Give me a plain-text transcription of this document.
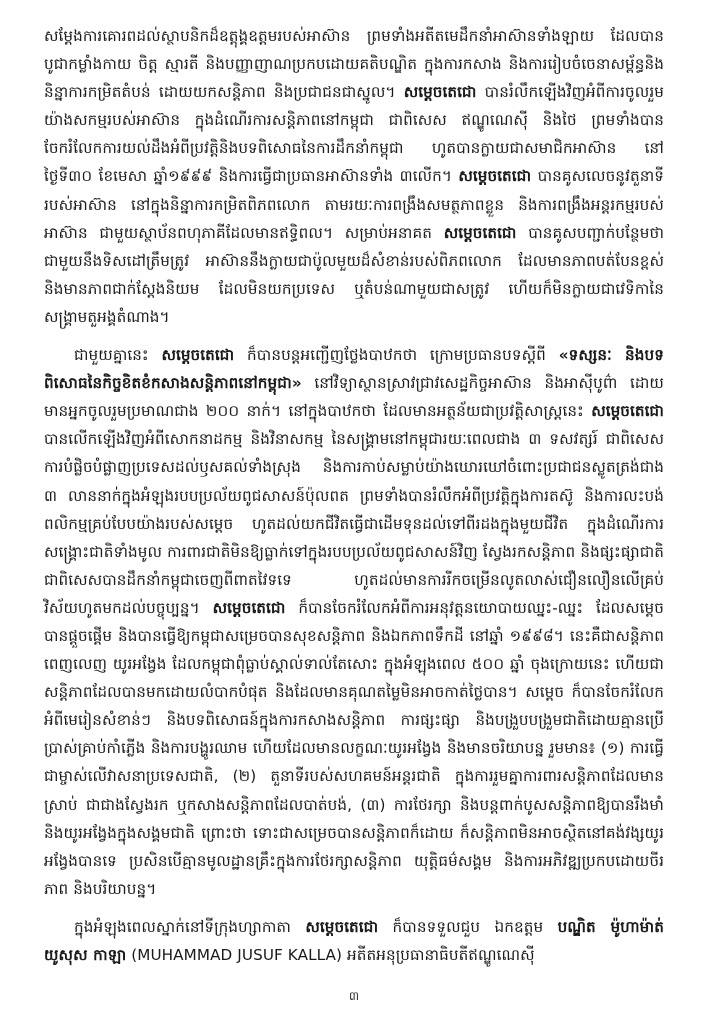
សម្ដែងការគោរពដល់ស្ថាបនិកដ៏ឧត្ដុង្គឧត្ដមរបស់អាស៊ាន ព្រមទាំងអតីតមេដឹកនាំអាស៊ានទាំងឡាយ ដែលបានបូជាកម្លាំងកាយ ចិត្ត ស្មារតី និងបញ្ញាញាណប្រកបដោយគតិបណ្ឌិត ក្នុងការកសាង និងការរៀបចំចេនាសម្ព័ន្ធនិងនិន្នាការកម្រិតតំបន់ ដោយយកសន្តិភាព និងប្រជាជនជាស្នូល។ សម្ដេចតេជោ បានរំលឹកឡើងវិញអំពីការចូលរួមយ៉ាងសកម្មរបស់អាស៊ាន ក្នុងដំណើរការសន្តិភាពនៅកម្ពុជា ជាពិសេស ឥណ្ឌូណេស៊ី និងថៃ ព្រមទាំងបានចែករំលែកការយល់ដឹងអំពីប្រវត្តិនិងបទពិសោធនៃការដឹកនាំកម្ពុជា ហូតបានក្លាយជាសមាជិកអាស៊ាន នៅថ្ងៃទី៣០ ខែមេសា ឆ្នាំ១៩៩៩ និងការធ្វើជាប្រធានអាស៊ានទាំង ៣លើក។ សម្ដេចតេជោ បានគូសលេចនូវតួនាទីរបស់អាស៊ាន នៅក្នុងនិន្នាការកម្រិតពិភពលោក តាមរយៈការពង្រឹងសមត្ថភាពខ្លួន និងការពង្រឹងអន្តរកម្មរបស់អាស៊ាន ជាមួយស្ថាប័នពហុភាគីដែលមានឥទ្ធិពល។ សម្រាប់អនាគត សម្ដេចតេជោ បានគូសបញ្ជាក់បន្ថែមថា ជាមួយនឹងទិសដៅត្រឹមត្រូវ អាស៊ាននឹងក្លាយជាប៉ូលមួយដ៏សំខាន់របស់ពិភពលោក ដែលមានភាពបត់បែនខ្ពស់ និងមានភាពជាក់ស្ដែងនិយម ដែលមិនយកប្រទេស ឬតំបន់ណាមួយជាសត្រូវ ហើយក៏មិនក្លាយជាវេទិកានៃសង្គ្រាមតួអង្គតំណាង។

ជាមួយគ្នានេះ សម្ដេចតេជោ ក៏បានបន្តអញ្ជើញថ្លែងបាឋកថា ក្រោមប្រធានបទស្តីពី «ទស្សនៈ និងបទពិសោធនៃកិច្ចខិតខំកសាងសន្តិភាពនៅកម្ពុជា» នៅវិទ្យាស្ថានស្រាវជ្រាវសេដ្ឋកិច្ចអាស៊ាន និងអាស៊ីបូព៌ា ដោយមានអ្នកចូលរួមប្រមាណជាង ២០០ នាក់។ នៅក្នុងបាឋកថា ដែលមានអត្ថន័យជាប្រវត្តិសាស្ត្រនេះ សម្ដេចតេជោ បានលើកឡើងវិញអំពីសោកនាដកម្ម និងវិនាសកម្ម នៃសង្គ្រាមនៅកម្ពុជារយៈពេលជាង ៣ ទសវត្សរ៍ ជាពិសេសការបំផ្លិចបំផ្លាញប្រទេសដល់ឫសគល់ទាំងស្រុង និងការកាប់សម្លាប់យ៉ាងឃោរឃៅចំពោះប្រជាជនស្លូតត្រង់ជាង ៣ លាននាក់ក្នុងអំឡុងរបបប្រល័យពូជសាសន៍ប៉ុលពត ព្រមទាំងបានរំលឹកអំពីប្រវត្តិក្នុងការតស៊ូ និងការលះបង់ពលិកម្មគ្រប់បែបយ៉ាងរបស់សម្ដេច ហូតដល់យកជីវិតធ្វើជាដើមទុនដល់ទៅពីរដងក្នុងមួយជីវិត ក្នុងដំណើរការសង្គ្រោះជាតិទាំងមូល ការពារជាតិមិនឱ្យធ្លាក់ទៅក្នុងរបបប្រល័យពូជសាសន៍វិញ ស្វែងរកសន្តិភាព និងផ្សះផ្សាជាតិ ជាពិសេសបានដឹកនាំកម្ពុជាចេញពីពាតវៃទទេ ហូតដល់មានការរីកចម្រើនលូតលាស់ជឿនលឿនលើគ្រប់វិស័យហូតមកដល់បច្ចុប្បន្ន។ សម្ដេចតេជោ ក៏បានចែករំលែកអំពីការអនុវត្តនយោបាយឈ្នះ-ឈ្នះ ដែលសម្ដេចបានផ្ដួចផ្ដើម និងបានធ្វើឱ្យកម្ពុជាសម្រេចបានសុខសន្តិភាព និងឯកភាពទឹកដី នៅឆ្នាំ ១៩៩៨។ នេះគឺជាសន្តិភាពពេញលេញ យូរអង្វែង ដែលកម្ពុជាពុំធ្លាប់ស្គាល់ទាល់តែសោះ ក្នុងអំឡុងពេល ៥០០ ឆ្នាំ ចុងក្រោយនេះ ហើយជាសន្តិភាពដែលបានមកដោយលំបាកបំផុត និងដែលមានគុណតម្លៃមិនអាចកាត់ថ្លៃបាន។ សម្ដេច ក៏បានចែករំលែកអំពីមេរៀនសំខាន់ៗ និងបទពិសោធន៍ក្នុងការកសាងសន្តិភាព ការផ្សះផ្សា និងបង្រួបបង្រួមជាតិដោយគ្មានប្រើប្រាស់គ្រាប់កាំភ្លើង និងការបង្ហូរឈាម ហើយដែលមានលក្ខណៈយូរអង្វែង និងមានចរិយាបន្ន រួមមាន៖ (១) ការធ្វើជាម្ចាស់លើវាសនាប្រទេសជាតិ, (២) តួនាទីរបស់សហគមន៍អន្តរជាតិ ក្នុងការរួមគ្នាការពារសន្តិភាពដែលមានស្រាប់ ជាជាងស្វែងរក ឬកសាងសន្តិភាពដែលបាត់បង់, (៣) ការថែរក្សា និងបន្តពាក់បូសសន្តិភាពឱ្យបានរឹងមាំ និងយូរអង្វែងក្នុងសង្គមជាតិ ព្រោះថា ទោះជាសម្រេចបានសន្តិភាពក៏ដោយ ក៏សន្តិភាពមិនអាចស្ថិតនៅគង់វង្សយូរអង្វែងបានទេ ប្រសិនបើគ្មានមូលដ្ឋានគ្រឹះក្នុងការថែរក្សាសន្តិភាព យុត្តិធម៌សង្គម និងការអភិវឌ្ឍប្រកបដោយចីរភាព និងបរិយាបន្ន។

ក្នុងអំឡុងពេលស្នាក់នៅទីក្រុងហ្សាកាតា សម្ដេចតេជោ ក៏បានទទួលជួប ឯកឧត្តម បណ្ឌិត ម៉ូហាម៉ាត់ យូសុស កាឡា (MUHAMMAD JUSUF KALLA) អតីតអនុប្រធានាធិបតីឥណ្ឌូណេស៊ី

៣
